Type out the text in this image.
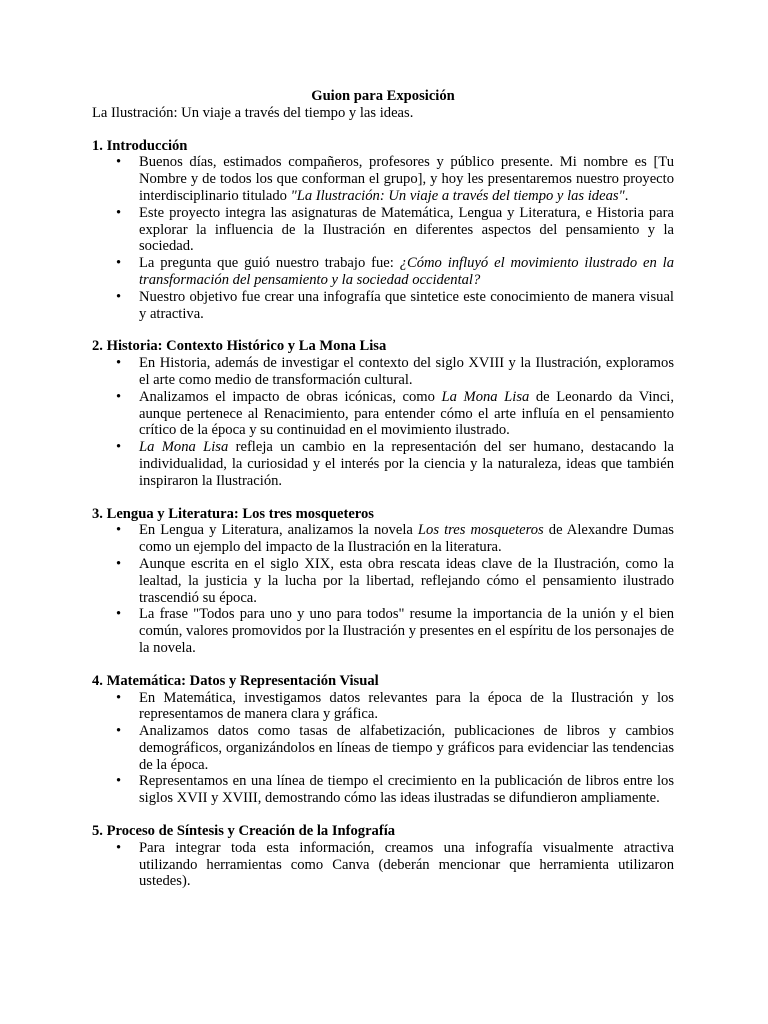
Guion para Exposición

La Ilustración: Un viaje a través del tiempo y las ideas.

1. Introducción

• Buenos días, estimados compañeros, profesores y público presente. Mi nombre es [Tu Nombre y de todos los que conforman el grupo], y hoy les presentaremos nuestro proyecto interdisciplinario titulado "La Ilustración: Un viaje a través del tiempo y las ideas".
• Este proyecto integra las asignaturas de Matemática, Lengua y Literatura, e Historia para explorar la influencia de la Ilustración en diferentes aspectos del pensamiento y la sociedad.
• La pregunta que guió nuestro trabajo fue: ¿Cómo influyó el movimiento ilustrado en la transformación del pensamiento y la sociedad occidental?
• Nuestro objetivo fue crear una infografía que sintetice este conocimiento de manera visual y atractiva.

2. Historia: Contexto Histórico y La Mona Lisa

• En Historia, además de investigar el contexto del siglo XVIII y la Ilustración, exploramos el arte como medio de transformación cultural.
• Analizamos el impacto de obras icónicas, como La Mona Lisa de Leonardo da Vinci, aunque pertenece al Renacimiento, para entender cómo el arte influía en el pensamiento crítico de la época y su continuidad en el movimiento ilustrado.
• La Mona Lisa refleja un cambio en la representación del ser humano, destacando la individualidad, la curiosidad y el interés por la ciencia y la naturaleza, ideas que también inspiraron la Ilustración.

3. Lengua y Literatura: Los tres mosqueteros

• En Lengua y Literatura, analizamos la novela Los tres mosqueteros de Alexandre Dumas como un ejemplo del impacto de la Ilustración en la literatura.
• Aunque escrita en el siglo XIX, esta obra rescata ideas clave de la Ilustración, como la lealtad, la justicia y la lucha por la libertad, reflejando cómo el pensamiento ilustrado trascendió su época.
• La frase "Todos para uno y uno para todos" resume la importancia de la unión y el bien común, valores promovidos por la Ilustración y presentes en el espíritu de los personajes de la novela.

4. Matemática: Datos y Representación Visual

• En Matemática, investigamos datos relevantes para la época de la Ilustración y los representamos de manera clara y gráfica.
• Analizamos datos como tasas de alfabetización, publicaciones de libros y cambios demográficos, organizándolos en líneas de tiempo y gráficos para evidenciar las tendencias de la época.
• Representamos en una línea de tiempo el crecimiento en la publicación de libros entre los siglos XVII y XVIII, demostrando cómo las ideas ilustradas se difundieron ampliamente.

5. Proceso de Síntesis y Creación de la Infografía

• Para integrar toda esta información, creamos una infografía visualmente atractiva utilizando herramientas como Canva (deberán mencionar que herramienta utilizaron ustedes).
